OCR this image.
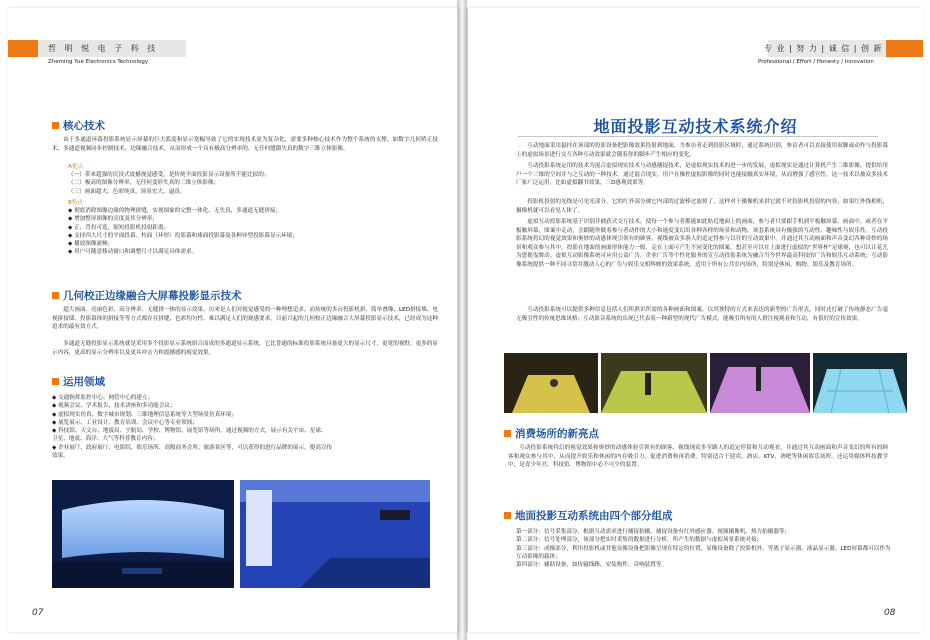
哲 明 悦 电 子 科 技
Zheming Yue Electronics Technology
核心技术
由于多通道环幕投影系统显示屏幕的巨大弧度和显示宽幅导致了它的实现技术更为复杂化，需要多种核心技术作为整个系统的支撑。如数字几何矫正技术、多通道视频同步控制技术、边缘融合技术，从而形成一个具有极高分辨率的、无任何缝隙失真的数字三维立体影像。
A优点
（一）带来超强的沉浸式震撼视觉感受，是传统平面投影显示设备所不能比拟的；
（二）极高的图像分辨率，无任何变形失真的三维立体影像；
（三）画面超大，色彩纯真，场景宏大、逼真。
B特点
◆ 彻底消除图像边缘的物理拼缝，实现图象的完整一体化、无失真，多通道无缝拼接；
◆ 增加整屏图像的亮度及其分辨率；
◆ 正、背投可选，缩短投影机投射距离；
◆ 支持四大尺寸的平面投幕、柱面（环形）投影幕和球面投影幕及各种异型投影幕显示环境；
◆ 播放图像流畅；
◆ 用户可随意移动窗口和调整尺寸以满足具体需求。
几何校正边缘融合大屏幕投影显示技术
超大画面、亮丽色彩、高分辨率、无缝拼一体的显示效果，历来是人们对视觉感受的一种理想追求。而传统的多台投影机拼、简单叠像、LED拼接墙、电视拼接墙、投影幕体的拼接等等方式都存在拼缝、色彩均匀性、难以满足人们的观感要求。目前兴起的几何校正边缘融合大屏幕投影显示技术，已经成为这种追求的最有效方式。
多通道无缝投影显示系统就是采用多个投影显示系统组合而成的多通道显示系统，它比普通的标准投影系统具备更大的显示尺寸，更宽的视野，更多的显示内容，更高的显示分辨率以及更具冲击力和震撼感的视觉效果。
运用领域
◆ 交通指挥监控中心、网管中心的建立；
◆ 视频会议、学术报告、技术讲座和多功能会议；
◆ 虚拟现实仿真、数字城市规划、三维地理信息系统等大型场景仿真环境；
◆ 展览展示、工业设计、教育培训、会议中心等专业领域；
◆ 科技馆、天文台、地震局、宇航局、学校、博物馆、展览馆等场所，通过视频的方式，展示有关宇宙、星球、
卫星、地震、海洋、大气等科普教育内容；
◆ 企业展厅、政府展厅、电影院、娱乐场所、高级商务会所、旅游景区等，可以获得的进行品牌的展示，提高宣传
效果。
07
专 业 | 努 力 | 诚 信 | 创 新
Professional / Effort / Honesty / Innovation
地面投影互动技术系统介绍
互动地面采用悬挂在顶部的投影设备把影像效果投射到地面，当参访者走到投影区域时，通过系统识别，参访者可以直接使用双脚或动作与投影幕上的虚拟场景进行交互各种互动效果就会随着你的脚步产生相应的变化。
互动投影系统运用的技术为混合虚拟现实技术与动感捕捉技术，是虚拟现实技术的进一步的发展。虚拟现实是通过计算机产生三维影像，提供给用户一个三维的空间并与之互动的一种技术。通过混合现实，用户在操控虚拟影像的同时也能接触真实环境，从而增强了感官性。这一技术以被众多技术厂家广泛运用，比如虚拟翻书效果，三D感观效果等。
投影机投射的光线是可见光部分，它的红外部分被它内部的过滤棒过滤掉了，这样对于摄像机来讲它就不对投影机投射的内容，如果红外线相机，摄像机就可以看见人体了。
虚拟互动投影系统基于识别并捕获式交互技术，使每一个参与者都能如此贴近地面上的画面，参与者只要跟手机到平板触屏幕、画面中，或者在平板触屏幕，图案中走动，会跟随你做着参与者动作的大小和速度变幻出各种各样的场景和动物。该套系统具有极强的互动性、趣味性与娱乐性。互动投影系统将幻的视觉效果和奥妙的动感体现引领有的顾客，视线被众多游人的追定得参与以往的互动效果中。并通过其互动画面和声音变幻各种奇妙的场景和观众参与其中，投影在地面的画面形体能力一般，走在上面可产生不同变化的图案，想甚至可以在上面进行虚拟的“世界杯”足球赛，也可以让花儿为您摇曳舞动。虚拟互动影像系统可应用公益广告，企业广告等个性化服务的宣互动投影系统为融合当今世界最高科技的广告和娱乐互动系统；互动影像系统提供一种不同寻常并激动人心的广告与娱乐交相辉映的效果系统，适用于所有公共室内场所，特别是休闲、购物、娱乐及教育场所。
互动投影系统可以提供多种信息包括人们所熟识所需的各种画面和图案，以其独特的方式来表达的新型的广告形式，同时还打破了传统静态广告毫无吸引性的传统思维风格；互动影音系统的出现已代表着一种新型的现代广告模式，能吸引所有的人群注视观看和互动，有很好的宣传效果。
消费场所的新亮点
互动投影系统将幻的视觉效果和奥妙的动感体验引领有的顾客、视线现众多至路人的追定停留和互动观看，并通过其互动画面和声音变幻的所有的顾客和观众参与其中，从而提升娱乐和休闲的内在吸引力，促进消费和再消费。特别适合于迎宾、酒店、KTV、酒吧等休闲娱乐场所。还运用媒体科技教学中，是青少年宫、科技馆、博物馆中必不可少的装置。
地面投影互动系统由四个部分组成
第一部分：信号采集部分，根据互动需求进行捕捉拍摄，捕捉设备有红外感应器、视频摄像机、热力拍摄器等；
第二部分：信号处理部分，该部分把实时采集的数据进行分析，所产生的数据与虚拟场景系统对接；
第三部分：成像部分，利用投影机或其他显像设备把影像呈现在特定的位置，显像设备除了投影机外，等离子显示器、液晶显示器、LED屏幕都可以作为互动影像的载体；
第四部分：辅助设备，如传输线路，安装构件，音响装置等。
08
